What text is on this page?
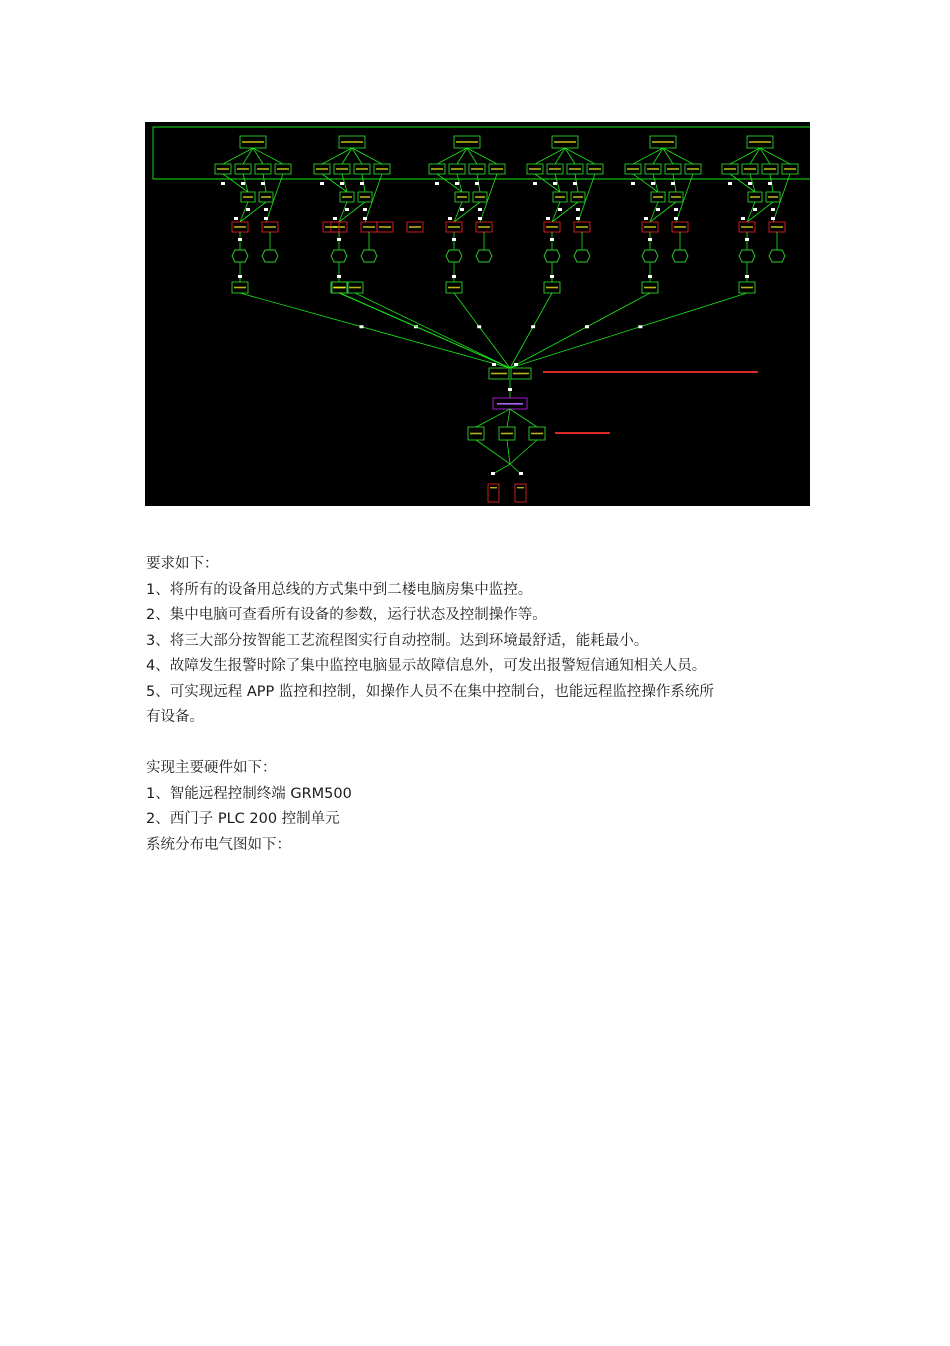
要求如下：

1、将所有的设备用总线的方式集中到二楼电脑房集中监控。

2、集中电脑可查看所有设备的参数，运行状态及控制操作等。

3、将三大部分按智能工艺流程图实行自动控制。达到环境最舒适，能耗最小。

4、故障发生报警时除了集中监控电脑显示故障信息外，可发出报警短信通知相关人员。

5、可实现远程 APP 监控和控制，如操作人员不在集中控制台，也能远程监控操作系统所

有设备。

实现主要硬件如下：

1、智能远程控制终端 GRM500

2、西门子 PLC 200 控制单元

系统分布电气图如下：
